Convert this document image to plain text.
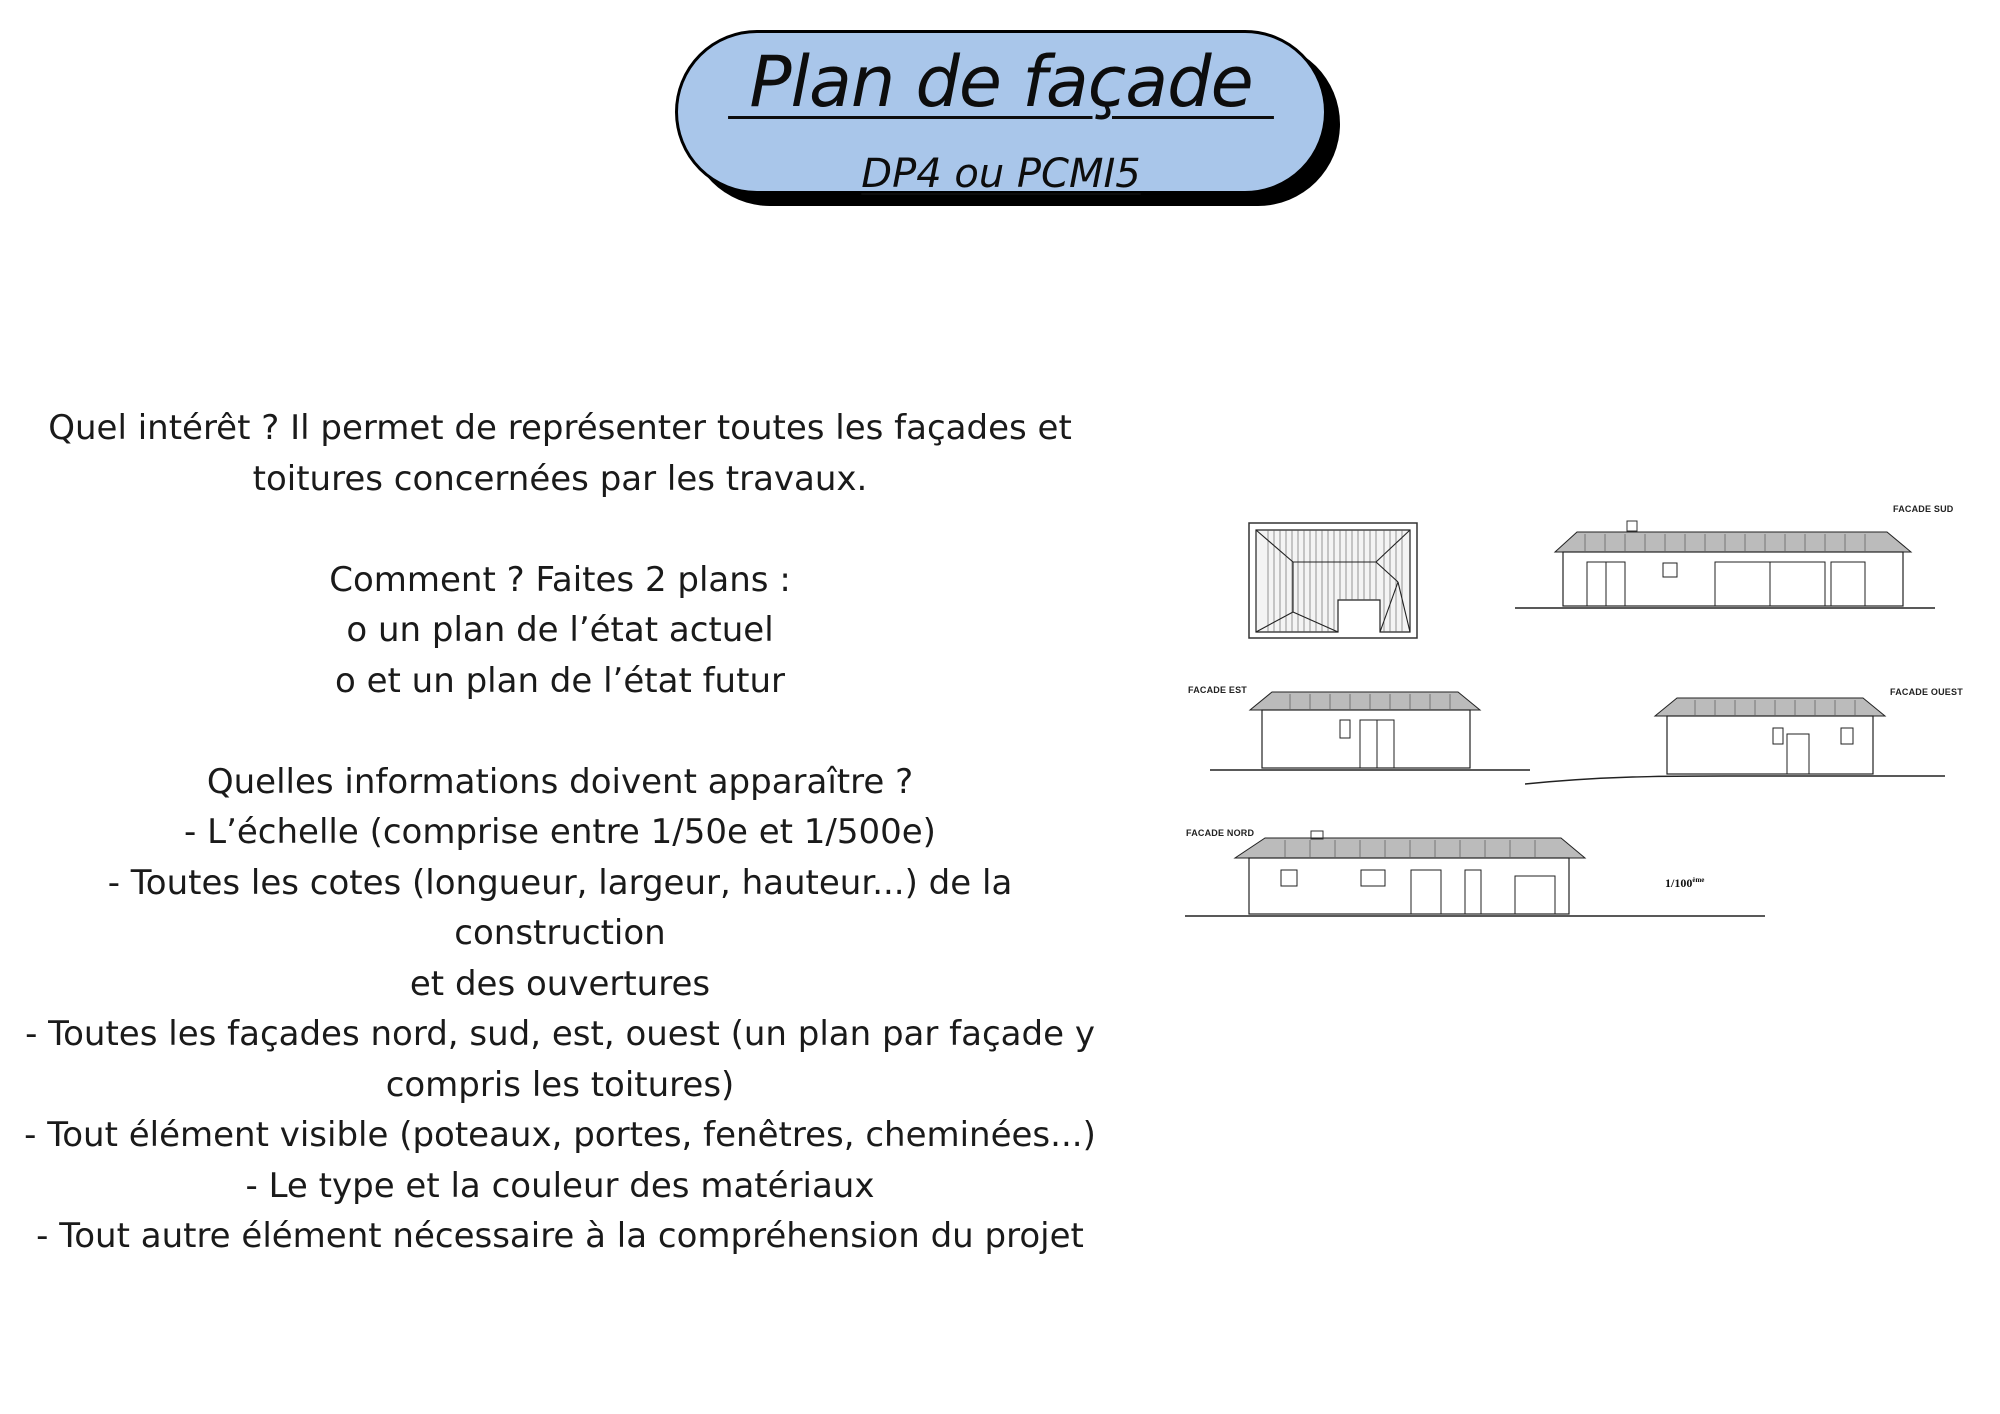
Plan de façade
DP4 ou PCMI5
Quel intérêt ? Il permet de représenter toutes les façades et
toitures concernées par les travaux.
Comment ? Faites 2 plans :
o un plan de l’état actuel
o et un plan de l’état futur
Quelles informations doivent apparaître ?
- L’échelle (comprise entre 1/50e et 1/500e)
- Toutes les cotes (longueur, largeur, hauteur...) de la construction
et des ouvertures
- Toutes les façades nord, sud, est, ouest (un plan par façade y
compris les toitures)
- Tout élément visible (poteaux, portes, fenêtres, cheminées...)
- Le type et la couleur des matériaux
- Tout autre élément nécessaire à la compréhension du projet
FACADE SUD
FACADE EST	FACADE OUEST
FACADE NORD
1/100ème
